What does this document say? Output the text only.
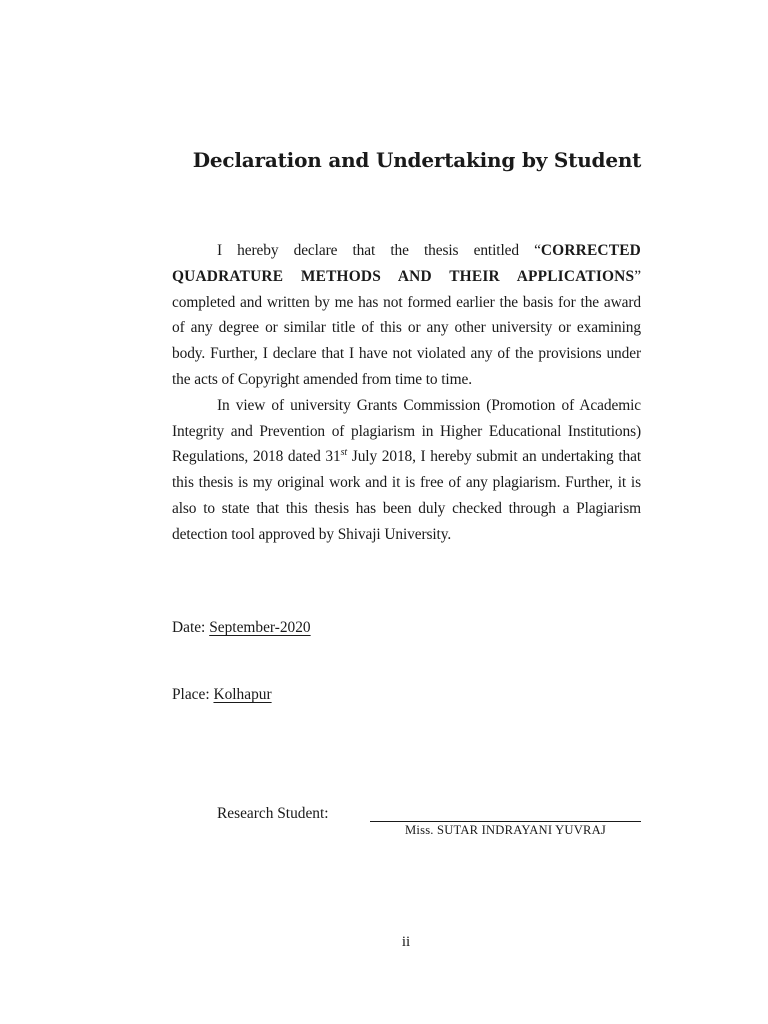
Declaration and Undertaking by Student

I hereby declare that the thesis entitled “CORRECTED QUADRATURE METHODS AND THEIR APPLICATIONS” completed and written by me has not formed earlier the basis for the award of any degree or similar title of this or any other university or examining body. Further, I declare that I have not violated any of the provisions under the acts of Copyright amended from time to time.

In view of university Grants Commission (Promotion of Academic Integrity and Prevention of plagiarism in Higher Educational Institutions) Regulations, 2018 dated 31st July 2018, I hereby submit an undertaking that this thesis is my original work and it is free of any plagiarism. Further, it is also to state that this thesis has been duly checked through a Plagiarism detection tool approved by Shivaji University.

Date: September-2020
Place: Kolhapur
Research Student:
Miss. SUTAR INDRAYANI YUVRAJ
ii
